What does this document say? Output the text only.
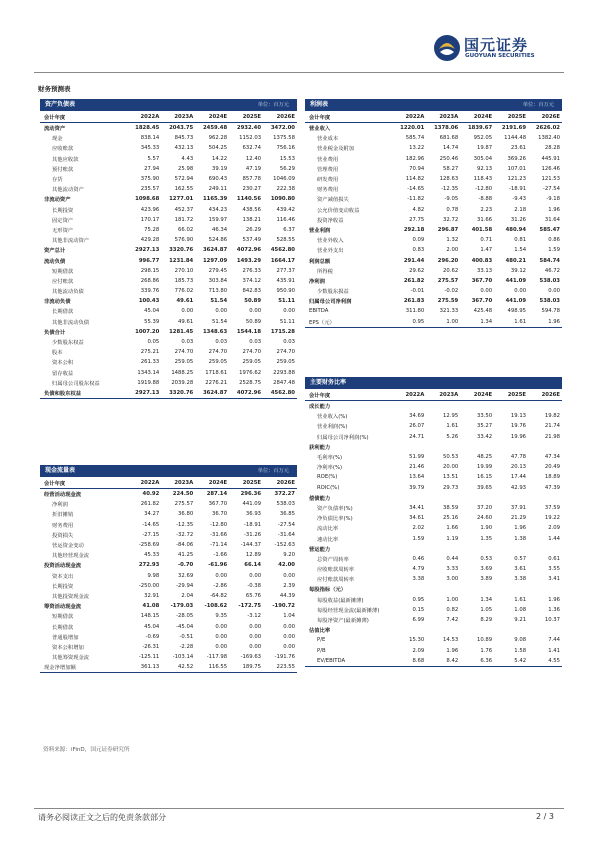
国元证券
GUOYUAN SECURITIES
财务预测表
资产负债表	单位：百万元
会计年度	2022A	2023A	2024E	2025E	2026E
流动资产	1828.45	2043.75	2459.48	2932.40	3472.00
现金	838.14	845.73	962.28	1152.03	1375.58
应收账款	345.33	432.13	504.25	632.74	756.16
其他应收款	5.57	4.43	14.22	12.40	15.53
预付账款	27.94	25.98	39.19	47.19	56.29
存货	375.90	572.94	690.43	857.78	1046.09
其他流动资产	235.57	162.55	249.11	230.27	222.38
非流动资产	1098.68	1277.01	1165.39	1140.56	1090.80
长期投资	423.96	452.37	434.23	438.56	439.42
固定资产	170.17	181.72	159.97	138.21	116.46
无形资产	75.28	66.02	46.34	26.29	6.37
其他非流动资产	429.28	576.90	524.86	537.49	528.55
资产总计	2927.13	3320.76	3624.87	4072.96	4562.80
流动负债	996.77	1231.84	1297.09	1493.29	1664.17
短期借款	298.15	270.10	279.45	276.33	277.37
应付账款	268.86	185.73	303.84	374.12	435.91
其他流动负债	339.76	776.02	713.80	842.83	950.90
非流动负债	100.43	49.61	51.54	50.89	51.11
长期借款	45.04	0.00	0.00	0.00	0.00
其他非流动负债	55.39	49.61	51.54	50.89	51.11
负债合计	1007.20	1281.45	1348.63	1544.18	1715.28
少数股东权益	0.05	0.03	0.03	0.03	0.03
股本	275.21	274.70	274.70	274.70	274.70
资本公积	261.33	259.05	259.05	259.05	259.05
留存收益	1343.14	1488.25	1718.61	1976.62	2293.88
归属母公司股东权益	1919.88	2039.28	2276.21	2528.75	2847.48
负债和股东权益	2927.13	3320.76	3624.87	4072.96	4562.80
利润表	单位：百万元
会计年度	2022A	2023A	2024E	2025E	2026E
营业收入	1220.01	1378.06	1839.67	2191.69	2626.02
营业成本	585.74	681.68	952.05	1144.48	1382.40
营业税金及附加	13.22	14.74	19.87	23.61	28.28
营业费用	182.96	250.46	305.04	369.26	445.91
管理费用	70.94	58.27	92.13	107.01	126.46
研发费用	114.82	128.63	118.43	121.23	121.53
财务费用	-14.65	-12.35	-12.80	-18.91	-27.54
资产减值损失	-11.82	-9.05	-8.88	-9.43	-9.18
公允价值变动收益	4.82	0.78	2.23	2.18	1.96
投资净收益	27.75	32.72	31.66	31.26	31.64
营业利润	292.18	296.87	401.58	480.94	585.47
营业外收入	0.09	1.32	0.71	0.81	0.86
营业外支出	0.83	2.00	1.47	1.54	1.59
利润总额	291.44	296.20	400.83	480.21	584.74
所得税	29.62	20.62	33.13	39.12	46.72
净利润	261.82	275.57	367.70	441.09	538.03
少数股东损益	-0.01	-0.02	0.00	0.00	0.00
归属母公司净利润	261.83	275.59	367.70	441.09	538.03
EBITDA	311.80	321.33	425.48	498.95	594.78
EPS（元）	0.95	1.00	1.34	1.61	1.96
现金流量表	单位：百万元
会计年度	2022A	2023A	2024E	2025E	2026E
经营活动现金流	40.92	224.50	287.14	296.36	372.27
净利润	261.82	275.57	367.70	441.09	538.03
折旧摊销	34.27	36.80	36.70	36.93	36.85
财务费用	-14.65	-12.35	-12.80	-18.91	-27.54
投资损失	-27.15	-32.72	-31.66	-31.26	-31.64
营运资金变动	-258.69	-84.06	-71.14	-144.37	-152.63
其他经营现金流	45.33	41.25	-1.66	12.89	9.20
投资活动现金流	272.93	-0.70	-61.96	66.14	42.00
资本支出	9.98	32.69	0.00	0.00	0.00
长期投资	-250.00	-29.94	-2.86	-0.38	2.39
其他投资现金流	32.91	2.04	-64.82	65.76	44.39
筹资活动现金流	41.08	-179.03	-108.62	-172.75	-190.72
短期借款	148.15	-28.05	9.35	-3.12	1.04
长期借款	45.04	-45.04	0.00	0.00	0.00
普通股增加	-0.69	-0.51	0.00	0.00	0.00
资本公积增加	-26.31	-2.28	0.00	0.00	0.00
其他筹资现金流	-125.11	-103.14	-117.98	-169.63	-191.76
现金净增加额	361.13	42.52	116.55	189.75	223.55
主要财务比率
会计年度	2022A	2023A	2024E	2025E	2026E
成长能力					
营业收入(%)	34.69	12.95	33.50	19.13	19.82
营业利润(%)	26.07	1.61	35.27	19.76	21.74
归属母公司净利润(%)	24.71	5.26	33.42	19.96	21.98
获利能力					
毛利率(%)	51.99	50.53	48.25	47.78	47.34
净利率(%)	21.46	20.00	19.99	20.13	20.49
ROE(%)	13.64	13.51	16.15	17.44	18.89
ROIC(%)	39.79	29.73	39.65	42.93	47.39
偿债能力					
资产负债率(%)	34.41	38.59	37.20	37.91	37.59
净负债比率(%)	34.61	25.16	24.60	21.29	19.22
流动比率	2.02	1.66	1.90	1.96	2.09
速动比率	1.59	1.19	1.35	1.38	1.44
营运能力					
总资产周转率	0.46	0.44	0.53	0.57	0.61
应收账款周转率	4.79	3.33	3.69	3.61	3.55
应付账款周转率	3.38	3.00	3.89	3.38	3.41
每股指标（元）					
每股收益(最新摊薄)	0.95	1.00	1.34	1.61	1.96
每股经营现金流(最新摊薄)	0.15	0.82	1.05	1.08	1.36
每股净资产(最新摊薄)	6.99	7.42	8.29	9.21	10.37
估值比率					
P/E	15.30	14.53	10.89	9.08	7.44
P/B	2.09	1.96	1.76	1.58	1.41
EV/EBITDA	8.68	8.42	6.36	5.42	4.55
资料来源：iFinD，国元证券研究所
请务必阅读正文之后的免责条款部分	2 / 3
